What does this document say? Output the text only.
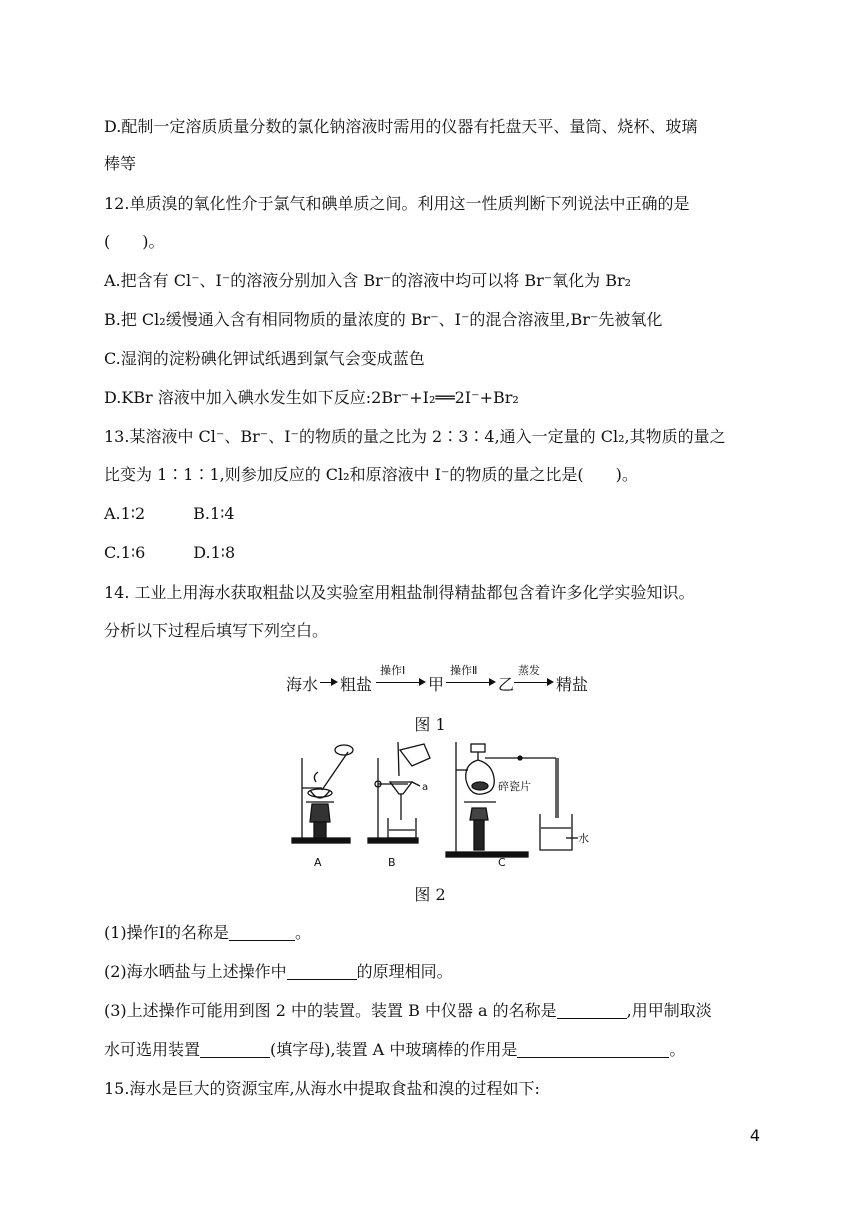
D.配制一定溶质质量分数的氯化钠溶液时需用的仪器有托盘天平、量筒、烧杯、玻璃
棒等
12.单质溴的氧化性介于氯气和碘单质之间。利用这一性质判断下列说法中正确的是
(　　)。
A.把含有 Cl⁻、I⁻的溶液分别加入含 Br⁻的溶液中均可以将 Br⁻氧化为 Br₂
B.把 Cl₂缓慢通入含有相同物质的量浓度的 Br⁻、I⁻的混合溶液里,Br⁻先被氧化
C.湿润的淀粉碘化钾试纸遇到氯气会变成蓝色
D.KBr 溶液中加入碘水发生如下反应:2Br⁻+I₂══2I⁻+Br₂
13.某溶液中 Cl⁻、Br⁻、I⁻的物质的量之比为 2∶3∶4,通入一定量的 Cl₂,其物质的量之
比变为 1∶1∶1,则参加反应的 Cl₂和原溶液中 I⁻的物质的量之比是(　　)。
A.1∶2　　　B.1∶4
C.1∶6　　　D.1∶8
14. 工业上用海水获取粗盐以及实验室用粗盐制得精盐都包含着许多化学实验知识。
分析以下过程后填写下列空白。
海水 粗盐
操作Ⅰ
甲
操作Ⅱ
乙
蒸发
精盐
图 1
A	B	C
a	碎瓷片
水
图 2
(1)操作Ⅰ的名称是	。
(2)海水晒盐与上述操作中	的原理相同。
(3)上述操作可能用到图 2 中的装置。装置 B 中仪器 a 的名称是	,用甲制取淡
水可选用装置	(填字母),装置 A 中玻璃棒的作用是	。
15.海水是巨大的资源宝库,从海水中提取食盐和溴的过程如下:
4
